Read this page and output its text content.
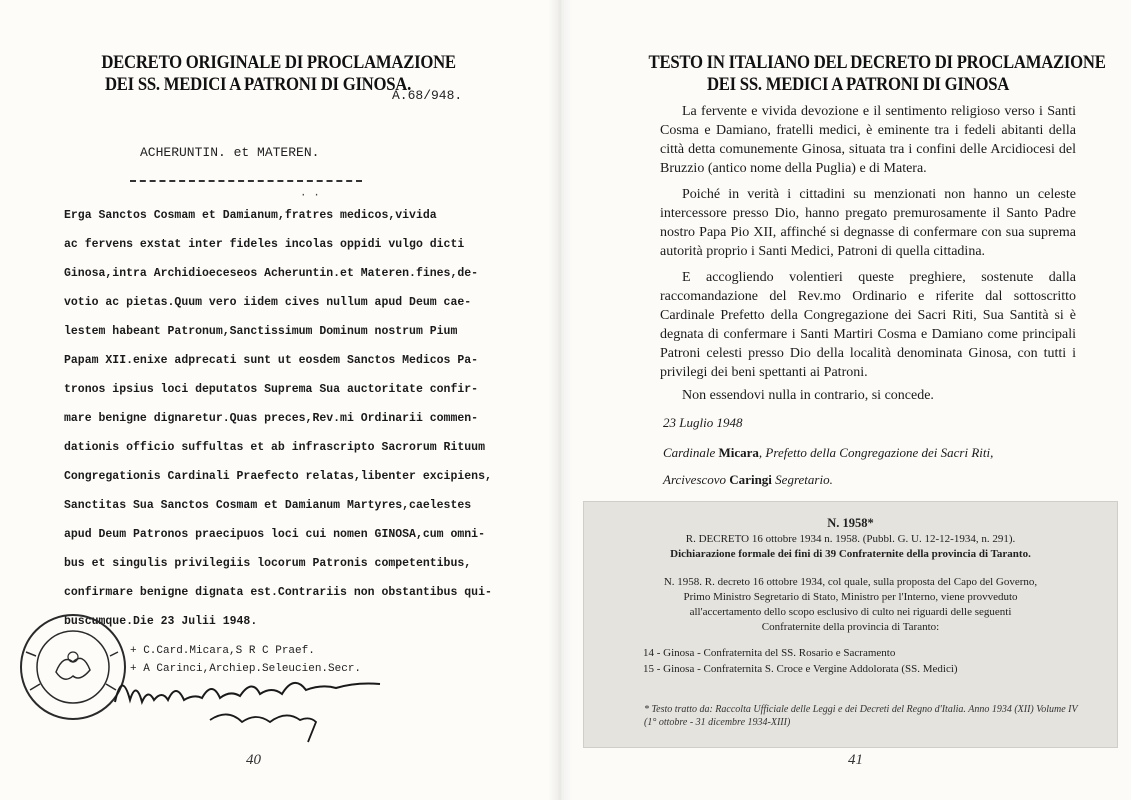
DECRETO ORIGINALE DI PROCLAMAZIONE
DEI SS. MEDICI A PATRONI DI GINOSA.
A.68/948.
ACHERUNTIN. et MATEREN.
· ·
Erga Sanctos Cosmam et Damianum,fratres medicos,vivida
ac fervens exstat inter fideles incolas oppidi vulgo dicti
Ginosa,intra Archidioeceseos Acheruntin.et Materen.fines,de-
votio ac pietas.Quum vero iidem cives nullum apud Deum cae-
lestem habeant Patronum,Sanctissimum Dominum nostrum Pium
Papam XII.enixe adprecati sunt ut eosdem Sanctos Medicos Pa-
tronos ipsius loci deputatos Suprema Sua auctoritate confir-
mare benigne dignaretur.Quas preces,Rev.mi Ordinarii commen-
dationis officio suffultas et ab infrascripto Sacrorum Rituum
Congregationis Cardinali Praefecto relatas,libenter excipiens,
Sanctitas Sua Sanctos Cosmam et Damianum Martyres,caelestes
apud Deum Patronos praecipuos loci cui nomen GINOSA,cum omni-
bus et singulis privilegiis locorum Patronis competentibus,
confirmare benigne dignata est.Contrariis non obstantibus qui-
buscumque.Die 23 Julii 1948.
+ C.Card.Micara,S R C Praef.
+ A Carinci,Archiep.Seleucien.Secr.
40
TESTO IN ITALIANO DEL DECRETO DI PROCLAMAZIONE
DEI SS. MEDICI A PATRONI DI GINOSA
La fervente e vivida devozione e il sentimento religioso verso i Santi Cosma e Damiano, fratelli medici, è eminente tra i fedeli abitanti della città detta comunemente Ginosa, situata tra i confini delle Arcidiocesi del Bruzzio (antico nome della Puglia) e di Matera.
Poiché in verità i cittadini su menzionati non hanno un celeste intercessore presso Dio, hanno pregato premurosamente il Santo Padre nostro Papa Pio XII, affinché si degnasse di confermare con sua suprema autorità proprio i Santi Medici, Patroni di quella cittadina.
E accogliendo volentieri queste preghiere, sostenute dalla raccomandazione del Rev.mo Ordinario e riferite dal sottoscritto Cardinale Prefetto della Congregazione dei Sacri Riti, Sua Santità si è degnata di confermare i Santi Martiri Cosma e Damiano come principali Patroni celesti presso Dio della località denominata Ginosa, con tutti i privilegi dei beni spettanti ai Patroni.
Non essendovi nulla in contrario, si concede.
23 Luglio 1948
Cardinale Micara, Prefetto della Congregazione dei Sacri Riti,
Arcivescovo Caringi Segretario.
N. 1958*
R. DECRETO 16 ottobre 1934 n. 1958. (Pubbl. G. U. 12-12-1934, n. 291).
Dichiarazione formale dei fini di 39 Confraternite della provincia di Taranto.
N. 1958. R. decreto 16 ottobre 1934, col quale, sulla proposta del Capo del Governo,
Primo Ministro Segretario di Stato, Ministro per l'Interno, viene provveduto
all'accertamento dello scopo esclusivo di culto nei riguardi delle seguenti
Confraternite della provincia di Taranto:
14 - Ginosa - Confraternita del SS. Rosario e Sacramento
15 - Ginosa - Confraternita S. Croce e Vergine Addolorata (SS. Medici)
* Testo tratto da: Raccolta Ufficiale delle Leggi e dei Decreti del Regno d'Italia. Anno 1934 (XII) Volume IV (1° ottobre - 31 dicembre 1934-XIII)
41
